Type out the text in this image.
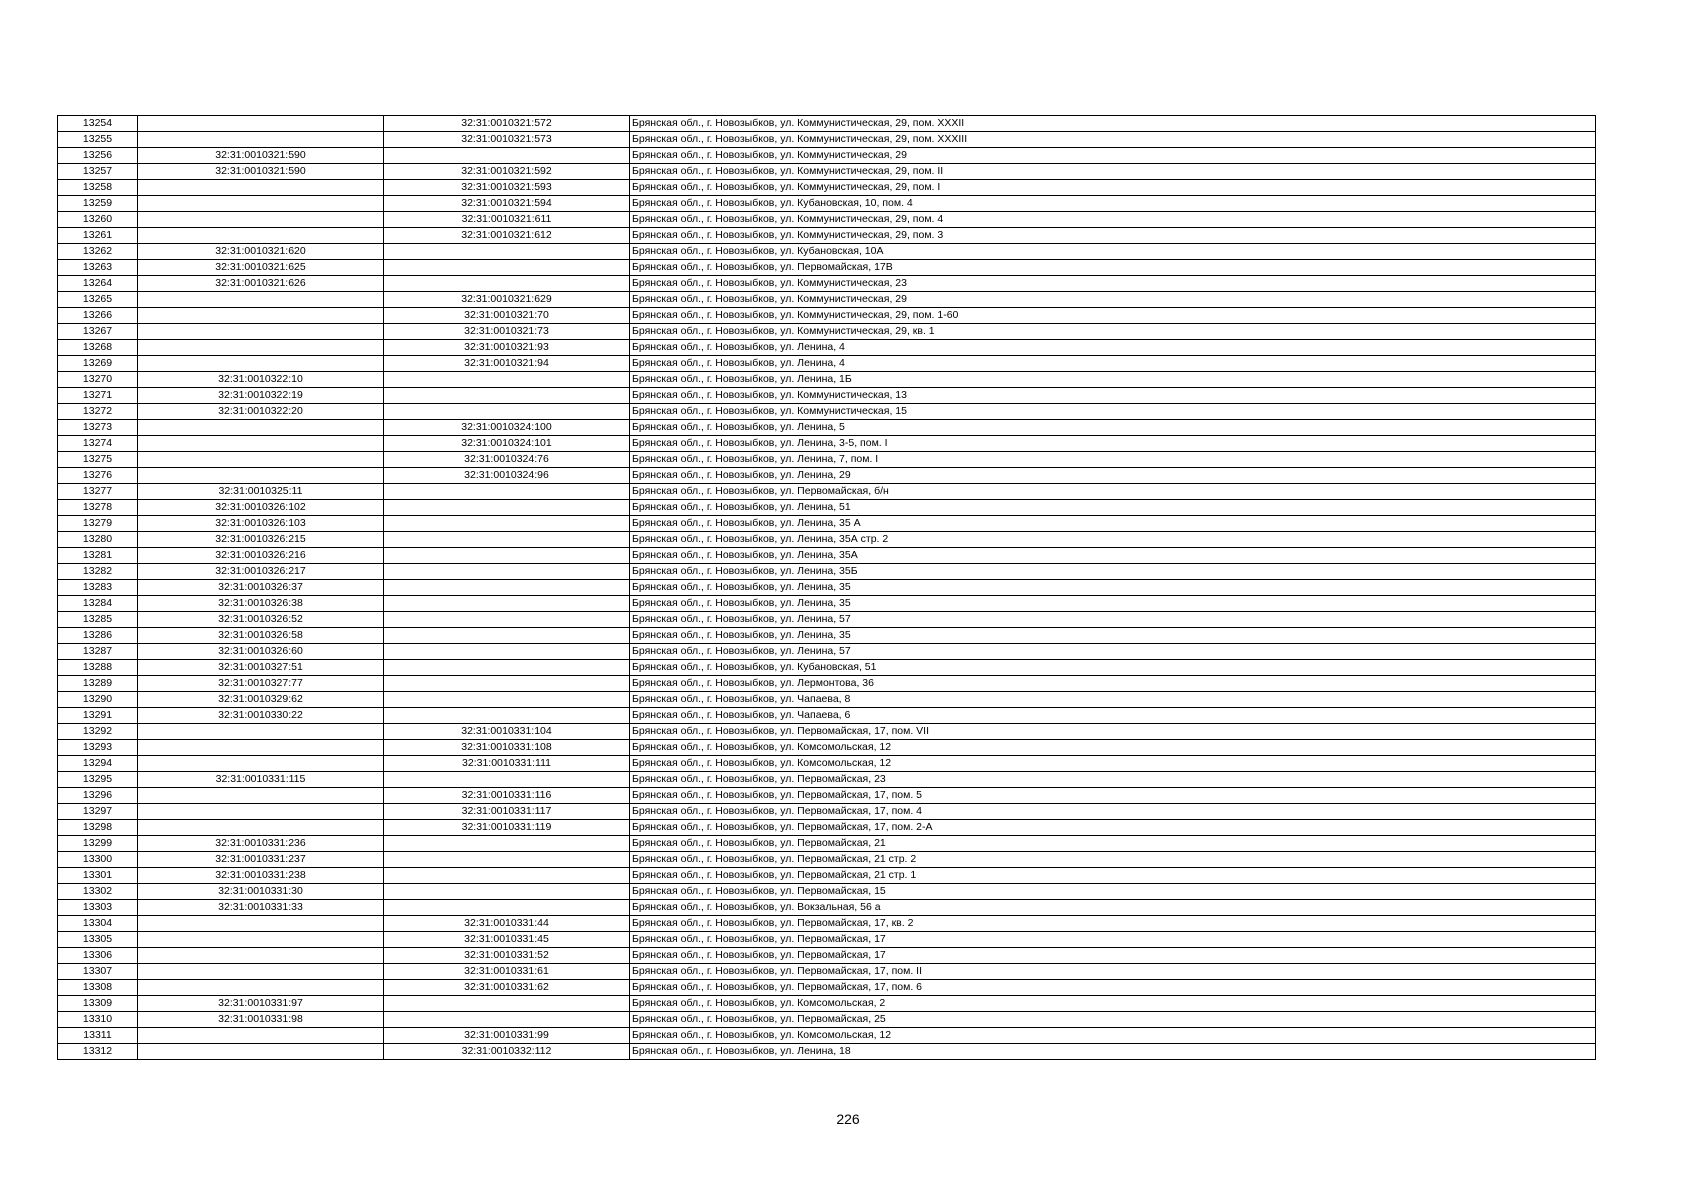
13254		32:31:0010321:572	Брянская обл., г. Новозыбков, ул. Коммунистическая, 29, пом. XXXII
13255		32:31:0010321:573	Брянская обл., г. Новозыбков, ул. Коммунистическая, 29, пом. XXXIII
13256	32:31:0010321:590		Брянская обл., г. Новозыбков, ул. Коммунистическая, 29
13257	32:31:0010321:590	32:31:0010321:592	Брянская обл., г. Новозыбков, ул. Коммунистическая, 29, пом. II
13258		32:31:0010321:593	Брянская обл., г. Новозыбков, ул. Коммунистическая, 29, пом. I
13259		32:31:0010321:594	Брянская обл., г. Новозыбков, ул. Кубановская, 10, пом. 4
13260		32:31:0010321:611	Брянская обл., г. Новозыбков, ул. Коммунистическая, 29, пом. 4
13261		32:31:0010321:612	Брянская обл., г. Новозыбков, ул. Коммунистическая, 29, пом. 3
13262	32:31:0010321:620		Брянская обл., г. Новозыбков, ул. Кубановская, 10А
13263	32:31:0010321:625		Брянская обл., г. Новозыбков, ул. Первомайская, 17В
13264	32:31:0010321:626		Брянская обл., г. Новозыбков, ул. Коммунистическая, 23
13265		32:31:0010321:629	Брянская обл., г. Новозыбков, ул. Коммунистическая, 29
13266		32:31:0010321:70	Брянская обл., г. Новозыбков, ул. Коммунистическая, 29, пом. 1-60
13267		32:31:0010321:73	Брянская обл., г. Новозыбков, ул. Коммунистическая, 29, кв. 1
13268		32:31:0010321:93	Брянская обл., г. Новозыбков, ул. Ленина, 4
13269		32:31:0010321:94	Брянская обл., г. Новозыбков, ул. Ленина, 4
13270	32:31:0010322:10		Брянская обл., г. Новозыбков, ул. Ленина, 1Б
13271	32:31:0010322:19		Брянская обл., г. Новозыбков, ул. Коммунистическая, 13
13272	32:31:0010322:20		Брянская обл., г. Новозыбков, ул. Коммунистическая, 15
13273		32:31:0010324:100	Брянская обл., г. Новозыбков, ул. Ленина, 5
13274		32:31:0010324:101	Брянская обл., г. Новозыбков, ул. Ленина, 3-5, пом. I
13275		32:31:0010324:76	Брянская обл., г. Новозыбков, ул. Ленина, 7, пом. I
13276		32:31:0010324:96	Брянская обл., г. Новозыбков, ул. Ленина, 29
13277	32:31:0010325:11		Брянская обл., г. Новозыбков, ул. Первомайская, б/н
13278	32:31:0010326:102		Брянская обл., г. Новозыбков, ул. Ленина, 51
13279	32:31:0010326:103		Брянская обл., г. Новозыбков, ул. Ленина, 35 А
13280	32:31:0010326:215		Брянская обл., г. Новозыбков, ул. Ленина, 35А стр. 2
13281	32:31:0010326:216		Брянская обл., г. Новозыбков, ул. Ленина, 35А
13282	32:31:0010326:217		Брянская обл., г. Новозыбков, ул. Ленина, 35Б
13283	32:31:0010326:37		Брянская обл., г. Новозыбков, ул. Ленина, 35
13284	32:31:0010326:38		Брянская обл., г. Новозыбков, ул. Ленина, 35
13285	32:31:0010326:52		Брянская обл., г. Новозыбков, ул. Ленина, 57
13286	32:31:0010326:58		Брянская обл., г. Новозыбков, ул. Ленина, 35
13287	32:31:0010326:60		Брянская обл., г. Новозыбков, ул. Ленина, 57
13288	32:31:0010327:51		Брянская обл., г. Новозыбков, ул. Кубановская, 51
13289	32:31:0010327:77		Брянская обл., г. Новозыбков, ул. Лермонтова, 36
13290	32:31:0010329:62		Брянская обл., г. Новозыбков, ул. Чапаева, 8
13291	32:31:0010330:22		Брянская обл., г. Новозыбков, ул. Чапаева, 6
13292		32:31:0010331:104	Брянская обл., г. Новозыбков, ул. Первомайская, 17, пом. VII
13293		32:31:0010331:108	Брянская обл., г. Новозыбков, ул. Комсомольская, 12
13294		32:31:0010331:111	Брянская обл., г. Новозыбков, ул. Комсомольская, 12
13295	32:31:0010331:115		Брянская обл., г. Новозыбков, ул. Первомайская, 23
13296		32:31:0010331:116	Брянская обл., г. Новозыбков, ул. Первомайская, 17, пом. 5
13297		32:31:0010331:117	Брянская обл., г. Новозыбков, ул. Первомайская, 17, пом. 4
13298		32:31:0010331:119	Брянская обл., г. Новозыбков, ул. Первомайская, 17, пом. 2-А
13299	32:31:0010331:236		Брянская обл., г. Новозыбков, ул. Первомайская, 21
13300	32:31:0010331:237		Брянская обл., г. Новозыбков, ул. Первомайская, 21 стр. 2
13301	32:31:0010331:238		Брянская обл., г. Новозыбков, ул. Первомайская, 21 стр. 1
13302	32:31:0010331:30		Брянская обл., г. Новозыбков, ул. Первомайская, 15
13303	32:31:0010331:33		Брянская обл., г. Новозыбков, ул. Вокзальная, 56 а
13304		32:31:0010331:44	Брянская обл., г. Новозыбков, ул. Первомайская, 17, кв. 2
13305		32:31:0010331:45	Брянская обл., г. Новозыбков, ул. Первомайская, 17
13306		32:31:0010331:52	Брянская обл., г. Новозыбков, ул. Первомайская, 17
13307		32:31:0010331:61	Брянская обл., г. Новозыбков, ул. Первомайская, 17, пом. II
13308		32:31:0010331:62	Брянская обл., г. Новозыбков, ул. Первомайская, 17, пом. 6
13309	32:31:0010331:97		Брянская обл., г. Новозыбков, ул. Комсомольская, 2
13310	32:31:0010331:98		Брянская обл., г. Новозыбков, ул. Первомайская, 25
13311		32:31:0010331:99	Брянская обл., г. Новозыбков, ул. Комсомольская, 12
13312		32:31:0010332:112	Брянская обл., г. Новозыбков, ул. Ленина, 18
226
